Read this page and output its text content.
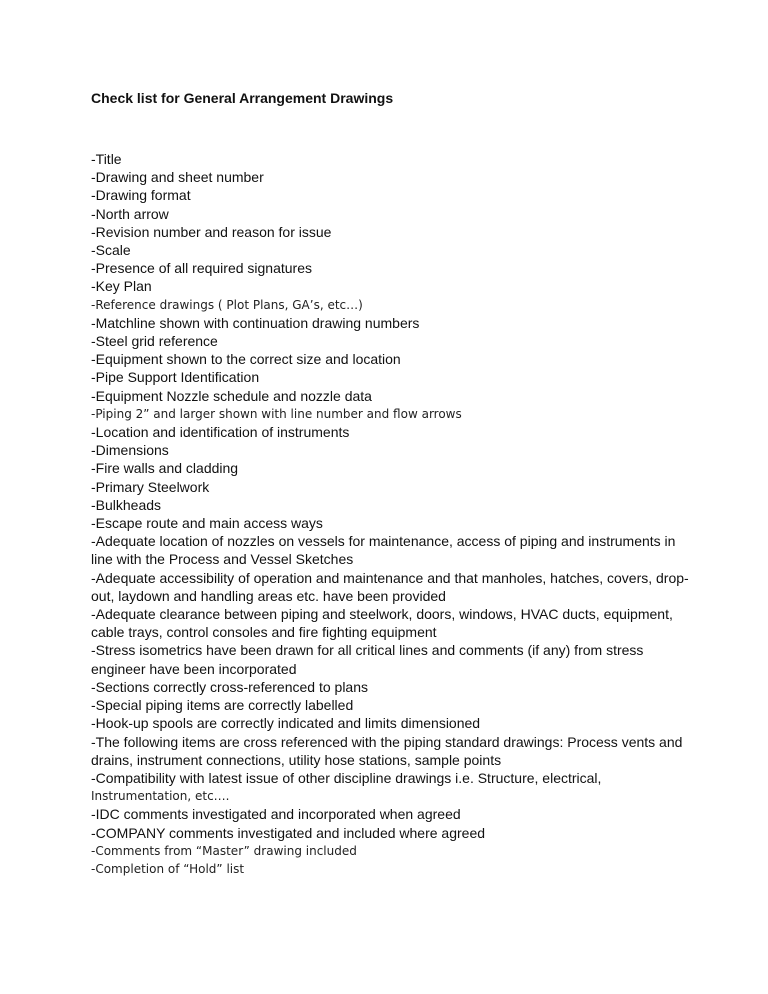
Check list for General Arrangement Drawings
-Title
-Drawing and sheet number
-Drawing format
-North arrow
-Revision number and reason for issue
-Scale
-Presence of all required signatures
-Key Plan
-Reference drawings ( Plot Plans, GA’s, etc…)
-Matchline shown with continuation drawing numbers
-Steel grid reference
-Equipment shown to the correct size and location
-Pipe Support Identification
-Equipment Nozzle schedule and nozzle data
-Piping 2” and larger shown with line number and flow arrows
-Location and identification of instruments
-Dimensions
-Fire walls and cladding
-Primary Steelwork
-Bulkheads
-Escape route and main access ways
-Adequate location of nozzles on vessels for maintenance, access of piping and instruments in line with the Process and Vessel Sketches
-Adequate accessibility of operation and maintenance and that manholes, hatches, covers, drop-out, laydown and handling areas etc. have been provided
-Adequate clearance between piping and steelwork, doors, windows, HVAC ducts, equipment, cable trays, control consoles and fire fighting equipment
-Stress isometrics have been drawn for all critical lines and comments (if any) from stress engineer have been incorporated
-Sections correctly cross-referenced to plans
-Special piping items are correctly labelled
-Hook-up spools are correctly indicated and limits dimensioned
-The following items are cross referenced with the piping standard drawings: Process vents and drains, instrument connections, utility hose stations, sample points
-Compatibility with latest issue of other discipline drawings i.e. Structure, electrical,
Instrumentation, etc….
-IDC comments investigated and incorporated when agreed
-COMPANY comments investigated and included where agreed
-Comments from “Master” drawing included
-Completion of “Hold” list
